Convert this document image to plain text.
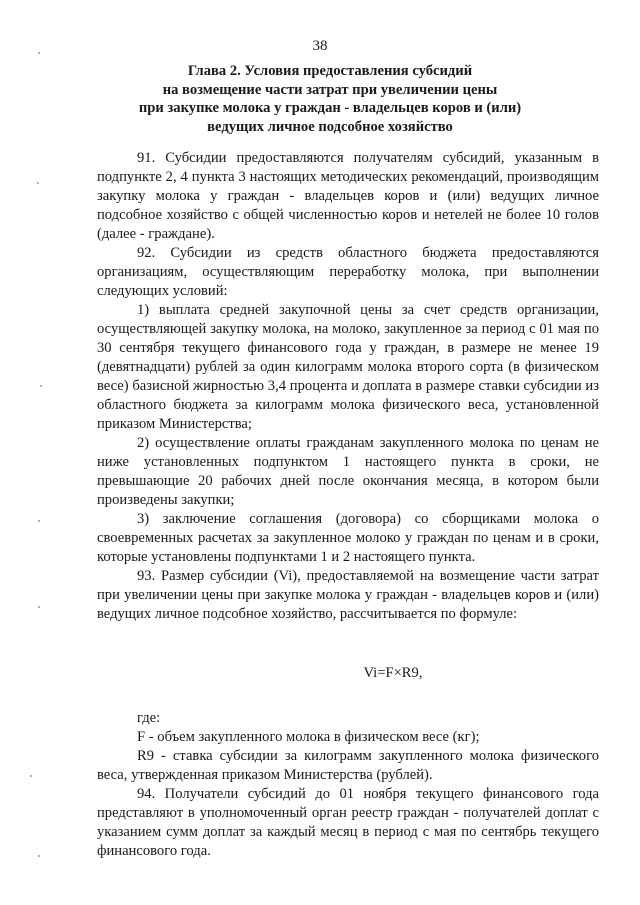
38
Глава 2. Условия предоставления субсидий
на возмещение части затрат при увеличении цены
при закупке молока у граждан - владельцев коров и (или)
ведущих личное подсобное хозяйство

91. Субсидии предоставляются получателям субсидий, указанным в подпункте 2, 4 пункта 3 настоящих методических рекомендаций, производящим закупку молока у граждан - владельцев коров и (или) ведущих личное подсобное хозяйство с общей численностью коров и нетелей не более 10 голов (далее - граждане).

92. Субсидии из средств областного бюджета предоставляются организациям, осуществляющим переработку молока, при выполнении следующих условий:

1) выплата средней закупочной цены за счет средств организации, осуществляющей закупку молока, на молоко, закупленное за период с 01 мая по 30 сентября текущего финансового года у граждан, в размере не менее 19 (девятнадцати) рублей за один килограмм молока второго сорта (в физическом весе) базисной жирностью 3,4 процента и доплата в размере ставки субсидии из областного бюджета за килограмм молока физического веса, установленной приказом Министерства;

2) осуществление оплаты гражданам закупленного молока по ценам не ниже установленных подпунктом 1 настоящего пункта в сроки, не превышающие 20 рабочих дней после окончания месяца, в котором были произведены закупки;

3) заключение соглашения (договора) со сборщиками молока о своевременных расчетах за закупленное молоко у граждан по ценам и в сроки, которые установлены подпунктами 1 и 2 настоящего пункта.

93. Размер субсидии (Vi), предоставляемой на возмещение части затрат при увеличении цены при закупке молока у граждан - владельцев коров и (или) ведущих личное подсобное хозяйство, рассчитывается по формуле:

Vi=F×R9,

где:

F - объем закупленного молока в физическом весе (кг);

R9 - ставка субсидии за килограмм закупленного молока физического веса, утвержденная приказом Министерства (рублей).

94. Получатели субсидий до 01 ноября текущего финансового года представляют в уполномоченный орган реестр граждан - получателей доплат с указанием сумм доплат за каждый месяц в период с мая по сентябрь текущего финансового года.
